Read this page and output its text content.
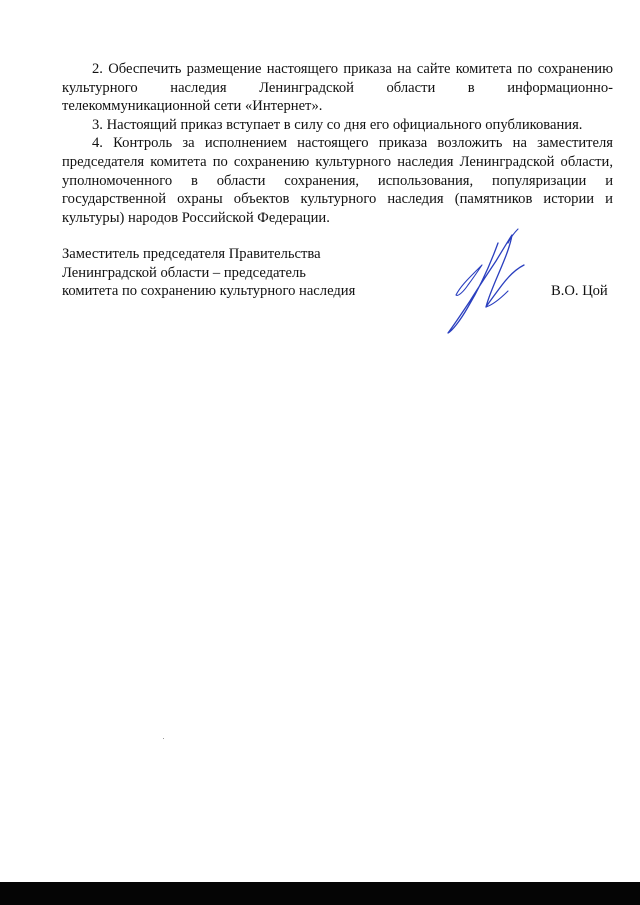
2. Обеспечить размещение настоящего приказа на сайте комитета по сохранению культурного наследия Ленинградской области в информационно-телекоммуникационной сети «Интернет».

3. Настоящий приказ вступает в силу со дня его официального опубликования.

4. Контроль за исполнением настоящего приказа возложить на заместителя председателя комитета по сохранению культурного наследия Ленинградской области, уполномоченного в области сохранения, использования, популяризации и государственной охраны объектов культурного наследия (памятников истории и культуры) народов Российской Федерации.

Заместитель председателя Правительства
Ленинградской области – председатель
комитета по сохранению культурного наследия	В.О. Цой
